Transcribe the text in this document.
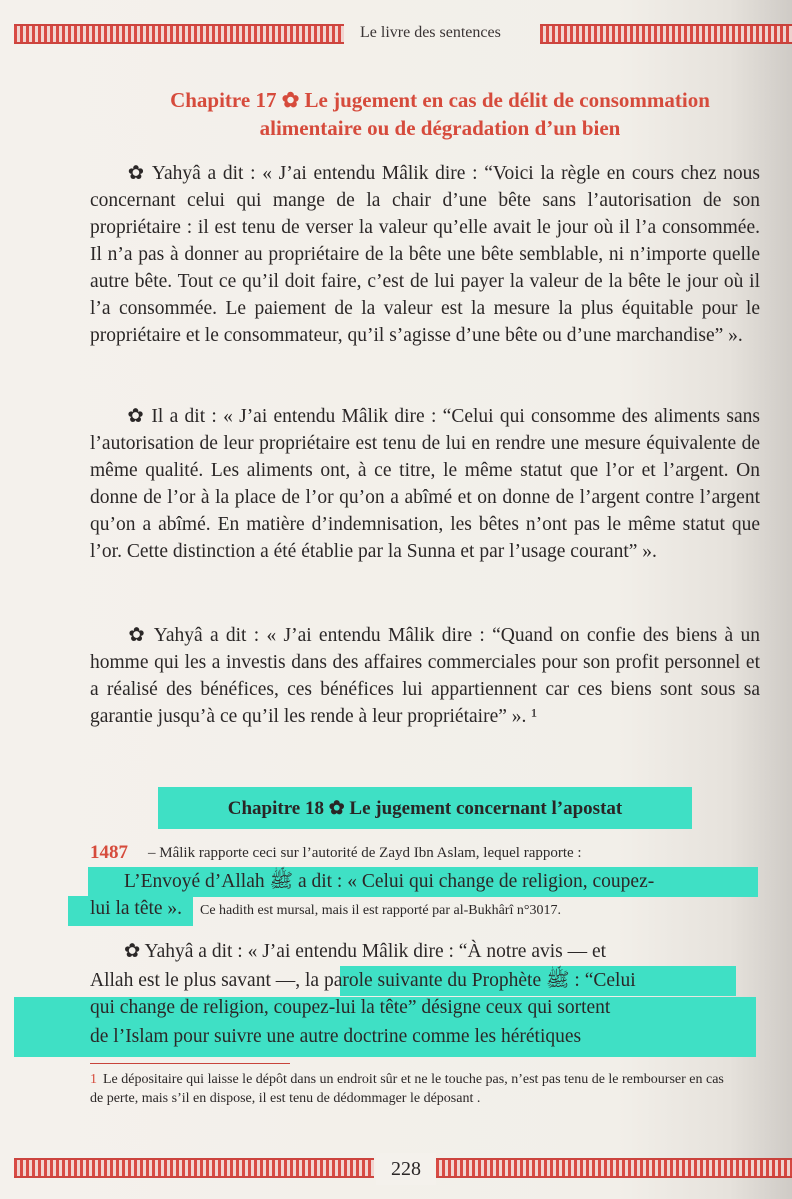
Le livre des sentences
Chapitre 17 ✿ Le jugement en cas de délit de consommation
alimentaire ou de dégradation d’un bien
✿ Yahyâ a dit : « J’ai entendu Mâlik dire : “Voici la règle en cours chez nous concernant celui qui mange de la chair d’une bête sans l’autorisation de son propriétaire : il est tenu de verser la valeur qu’elle avait le jour où il l’a consommée. Il n’a pas à donner au propriétaire de la bête une bête semblable, ni n’importe quelle autre bête. Tout ce qu’il doit faire, c’est de lui payer la valeur de la bête le jour où il l’a consommée. Le paiement de la valeur est la mesure la plus équitable pour le propriétaire et le consommateur, qu’il s’agisse d’une bête ou d’une marchandise” ».
✿ Il a dit : « J’ai entendu Mâlik dire : “Celui qui consomme des aliments sans l’autorisation de leur propriétaire est tenu de lui en rendre une mesure équivalente de même qualité. Les aliments ont, à ce titre, le même statut que l’or et l’argent. On donne de l’or à la place de l’or qu’on a abîmé et on donne de l’argent contre l’argent qu’on a abîmé. En matière d’indemnisation, les bêtes n’ont pas le même statut que l’or. Cette distinction a été établie par la Sunna et par l’usage courant” ».
✿ Yahyâ a dit : « J’ai entendu Mâlik dire : “Quand on confie des biens à un homme qui les a investis dans des affaires commerciales pour son profit personnel et a réalisé des bénéfices, ces bénéfices lui appartiennent car ces biens sont sous sa garantie jusqu’à ce qu’il les rende à leur propriétaire” ». ¹
Chapitre 18 ✿ Le jugement concernant l’apostat
1487 – Mâlik rapporte ceci sur l’autorité de Zayd Ibn Aslam, lequel rapporte :
L’Envoyé d’Allah ﷺ a dit : « Celui qui change de religion, coupez-
lui la tête ». Ce hadith est mursal, mais il est rapporté par al-Bukhârî n°3017.
✿ Yahyâ a dit : « J’ai entendu Mâlik dire : “À notre avis — et
Allah est le plus savant —, la parole suivante du Prophète ﷺ : “Celui
qui change de religion, coupez-lui la tête” désigne ceux qui sortent
de l’Islam pour suivre une autre doctrine comme les hérétiques
1 Le dépositaire qui laisse le dépôt dans un endroit sûr et ne le touche pas, n’est pas tenu de le rembourser en cas de perte, mais s’il en dispose, il est tenu de dédommager le déposant .
228
